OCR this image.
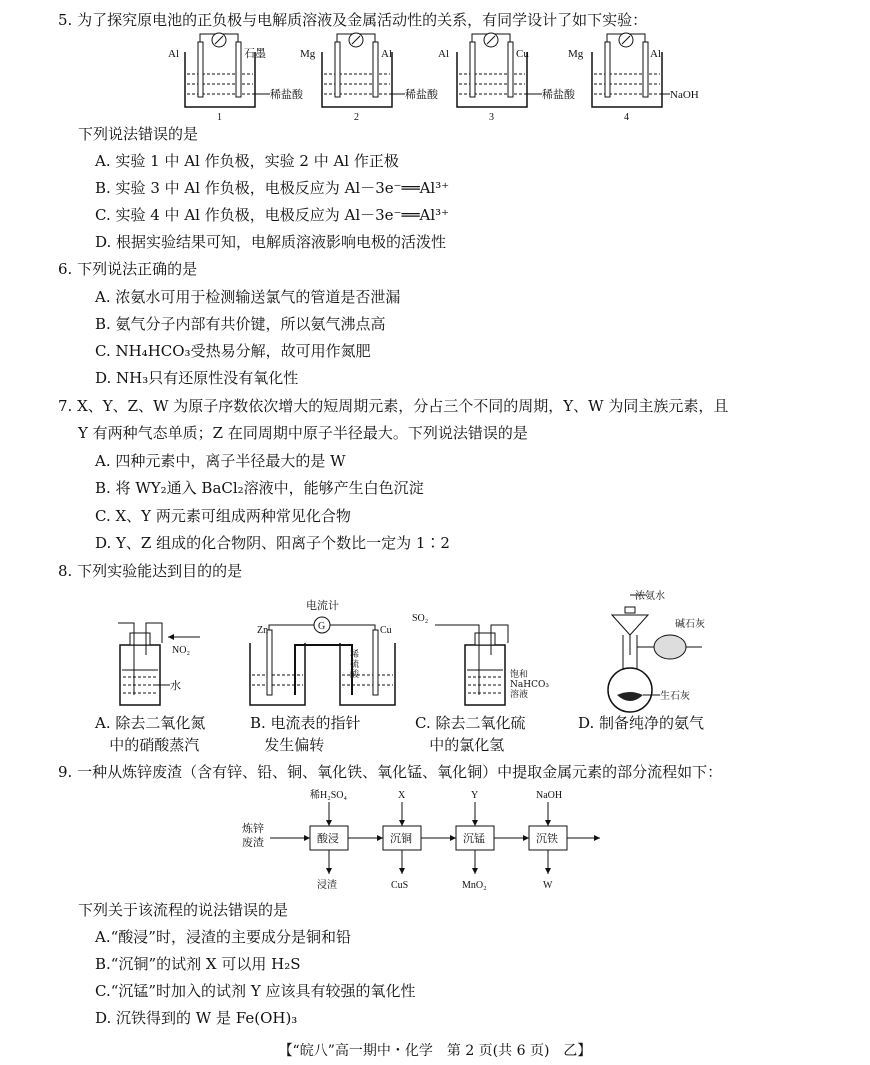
5. 为了探究原电池的正负极与电解质溶液及金属活动性的关系，有同学设计了如下实验：
Al	石墨
稀盐酸
1
Mg	Al
稀盐酸
2
Al	Cu
稀盐酸
3
Mg	Al
NaOH
4
下列说法错误的是
A. 实验 1 中 Al 作负极，实验 2 中 Al 作正极
B. 实验 3 中 Al 作负极，电极反应为 Al－3e⁻══Al³⁺
C. 实验 4 中 Al 作负极，电极反应为 Al－3e⁻══Al³⁺
D. 根据实验结果可知，电解质溶液影响电极的活泼性
6. 下列说法正确的是
A. 浓氨水可用于检测输送氯气的管道是否泄漏
B. 氨气分子内部有共价键，所以氨气沸点高
C. NH₄HCO₃受热易分解，故可用作氮肥
D. NH₃只有还原性没有氧化性
7. X、Y、Z、W 为原子序数依次增大的短周期元素，分占三个不同的周期，Y、W 为同主族元素，且
Y 有两种气态单质；Z 在同周期中原子半径最大。下列说法错误的是
A. 四种元素中，离子半径最大的是 W
B. 将 WY₂通入 BaCl₂溶液中，能够产生白色沉淀
C. X、Y 两元素可组成两种常见化合物
D. Y、Z 组成的化合物阴、阳离子个数比一定为 1∶2
8. 下列实验能达到目的的是
NO₂
水
G
电流计
Zn	Cu
SO₂
浓氨水
碱石灰
生石灰
稀
硫
酸	饱和
NaHCO₃
溶液
A. 除去二氧化氮
中的硝酸蒸汽
B. 电流表的指针
发生偏转
C. 除去二氧化硫
中的氯化氢
D. 制备纯净的氨气
9. 一种从炼锌废渣（含有锌、铅、铜、氧化铁、氧化锰、氧化铜）中提取金属元素的部分流程如下：
炼锌
废渣	酸浸	沉铜	沉锰	沉铁
稀H₂SO₄	X	Y	NaOH
浸渣	CuS	MnO₂	W
下列关于该流程的说法错误的是
A.“酸浸”时，浸渣的主要成分是铜和铅
B.“沉铜”的试剂 X 可以用 H₂S
C.“沉锰”时加入的试剂 Y 应该具有较强的氧化性
D. 沉铁得到的 W 是 Fe(OH)₃
【“皖八”高一期中・化学　第 2 页(共 6 页)　乙】
